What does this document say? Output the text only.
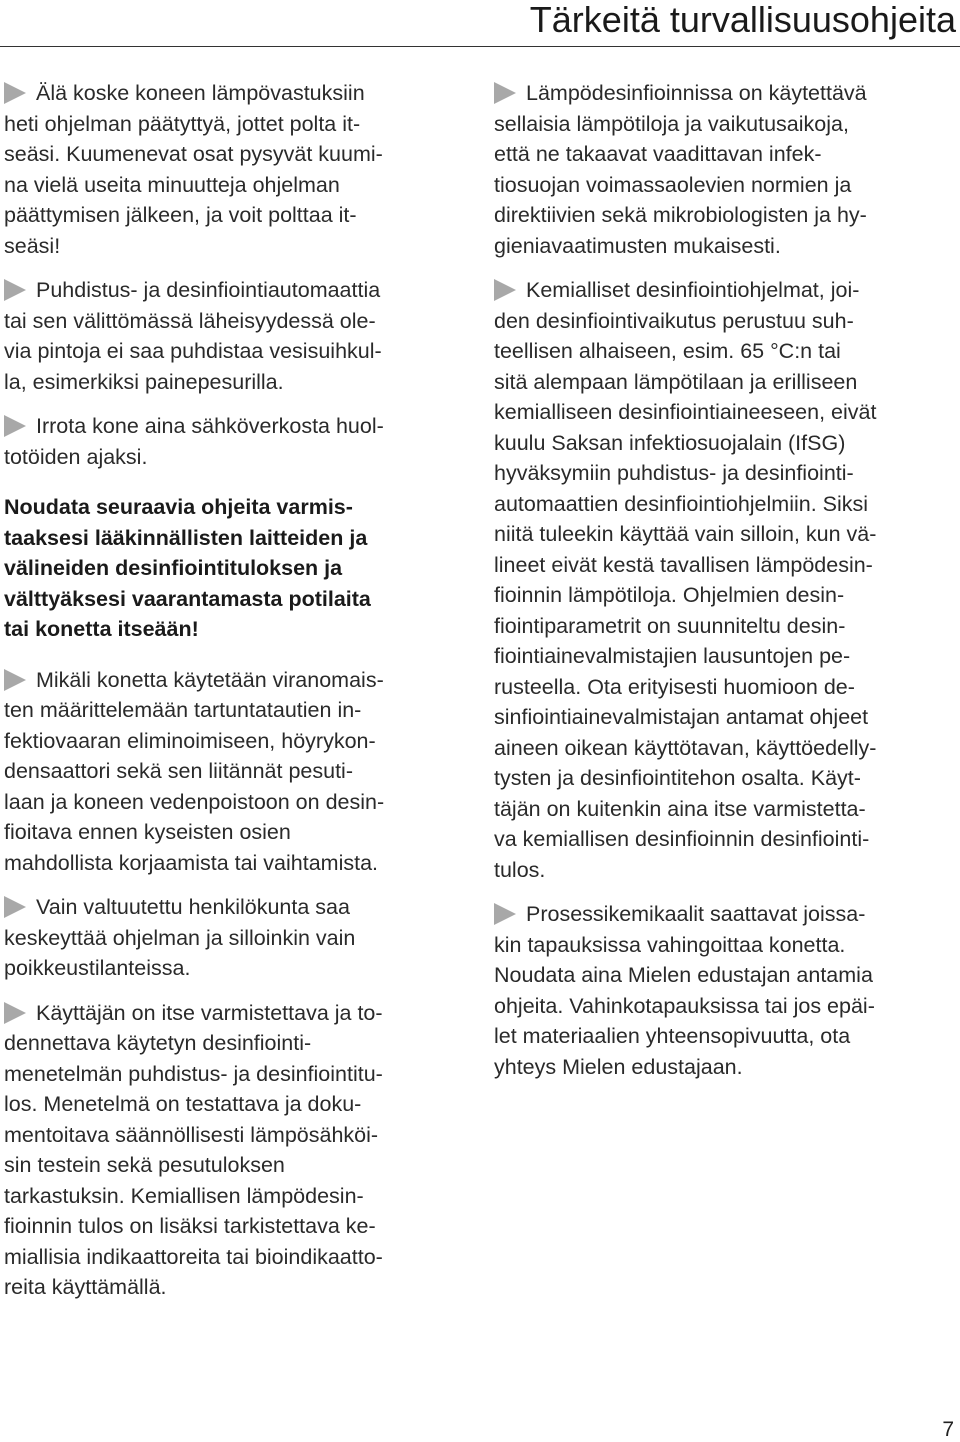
Tärkeitä turvallisuusohjeita
Älä koske koneen lämpövastuksiin
heti ohjelman päätyttyä, jottet polta it-
seäsi. Kuumenevat osat pysyvät kuumi-
na vielä useita minuutteja ohjelman
päättymisen jälkeen, ja voit polttaa it-
seäsi!
Puhdistus- ja desinfiointiautomaattia
tai sen välittömässä läheisyydessä ole-
via pintoja ei saa puhdistaa vesisuihkul-
la, esimerkiksi painepesurilla.
Irrota kone aina sähköverkosta huol-
totöiden ajaksi.
Noudata seuraavia ohjeita varmis-
taaksesi lääkinnällisten laitteiden ja
välineiden desinfiointituloksen ja
välttyäksesi vaarantamasta potilaita
tai konetta itseään!
Mikäli konetta käytetään viranomais-
ten määrittelemään tartuntatautien in-
fektiovaaran eliminoimiseen, höyrykon-
densaattori sekä sen liitännät pesuti-
laan ja koneen vedenpoistoon on desin-
fioitava ennen kyseisten osien
mahdollista korjaamista tai vaihtamista.
Vain valtuutettu henkilökunta saa
keskeyttää ohjelman ja silloinkin vain
poikkeustilanteissa.
Käyttäjän on itse varmistettava ja to-
dennettava käytetyn desinfiointi-
menetelmän puhdistus- ja desinfiointitu-
los. Menetelmä on testattava ja doku-
mentoitava säännöllisesti lämpösähköi-
sin testein sekä pesutuloksen
tarkastuksin. Kemiallisen lämpödesin-
fioinnin tulos on lisäksi tarkistettava ke-
miallisia indikaattoreita tai bioindikaatto-
reita käyttämällä.
Lämpödesinfioinnissa on käytettävä
sellaisia lämpötiloja ja vaikutusaikoja,
että ne takaavat vaadittavan infek-
tiosuojan voimassaolevien normien ja
direktiivien sekä mikrobiologisten ja hy-
gieniavaatimusten mukaisesti.
Kemialliset desinfiointiohjelmat, joi-
den desinfiointivaikutus perustuu suh-
teellisen alhaiseen, esim. 65 °C:n tai
sitä alempaan lämpötilaan ja erilliseen
kemialliseen desinfiointiaineeseen, eivät
kuulu Saksan infektiosuojalain (IfSG)
hyväksymiin puhdistus- ja desinfiointi-
automaattien desinfiointiohjelmiin. Siksi
niitä tuleekin käyttää vain silloin, kun vä-
lineet eivät kestä tavallisen lämpödesin-
fioinnin lämpötiloja. Ohjelmien desin-
fiointiparametrit on suunniteltu desin-
fiointiainevalmistajien lausuntojen pe-
rusteella. Ota erityisesti huomioon de-
sinfiointiainevalmistajan antamat ohjeet
aineen oikean käyttötavan, käyttöedelly-
tysten ja desinfiointitehon osalta. Käyt-
täjän on kuitenkin aina itse varmistetta-
va kemiallisen desinfioinnin desinfiointi-
tulos.
Prosessikemikaalit saattavat joissa-
kin tapauksissa vahingoittaa konetta.
Noudata aina Mielen edustajan antamia
ohjeita. Vahinkotapauksissa tai jos epäi-
let materiaalien yhteensopivuutta, ota
yhteys Mielen edustajaan.
7
